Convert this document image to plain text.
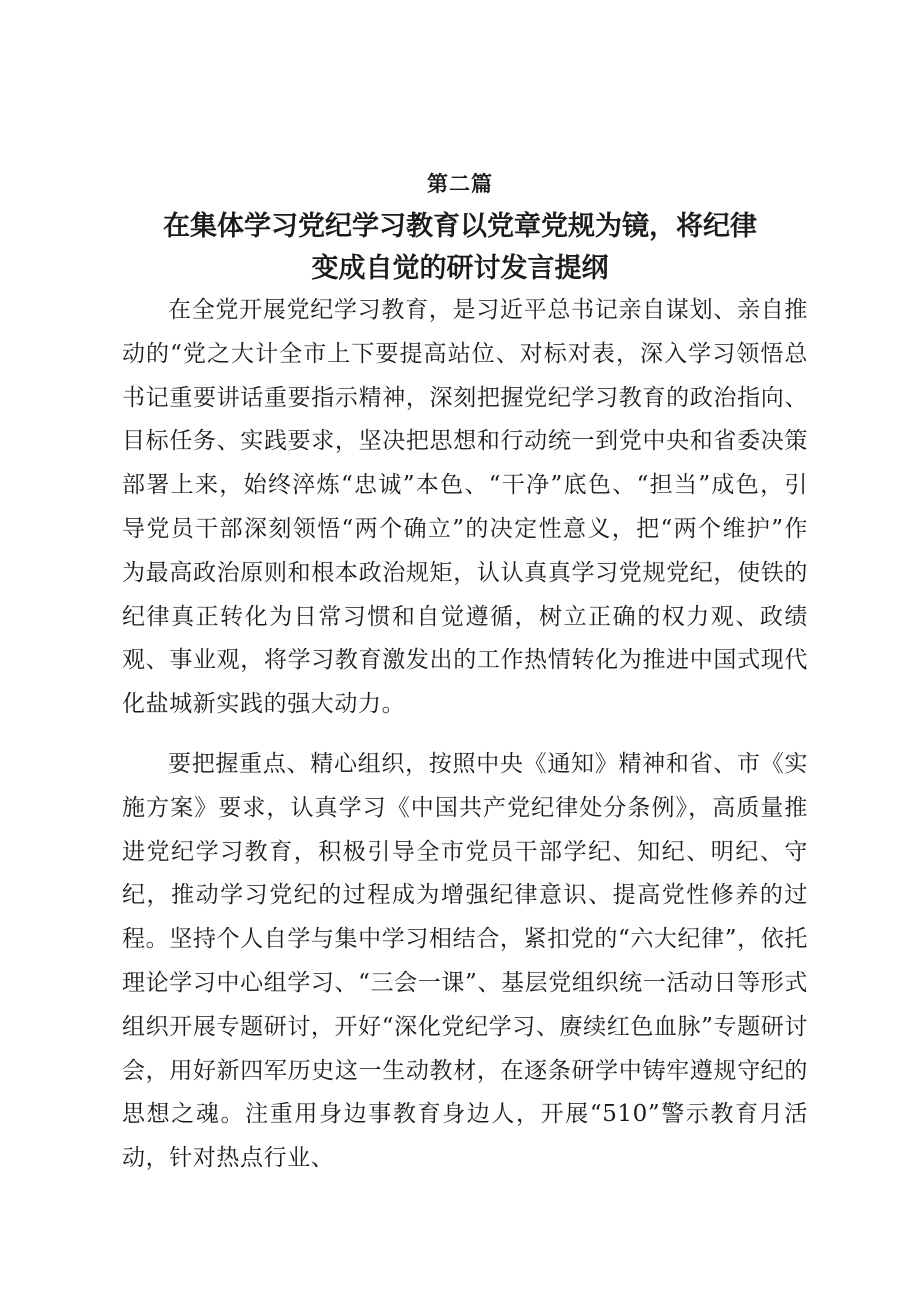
第二篇
在集体学习党纪学习教育以党章党规为镜，将纪律
变成自觉的研讨发言提纲

在全党开展党纪学习教育，是习近平总书记亲自谋划、亲自推动的“党之大计全市上下要提高站位、对标对表，深入学习领悟总书记重要讲话重要指示精神，深刻把握党纪学习教育的政治指向、目标任务、实践要求，坚决把思想和行动统一到党中央和省委决策部署上来，始终淬炼“忠诚”本色、“干净”底色、“担当”成色，引导党员干部深刻领悟“两个确立”的决定性意义，把“两个维护”作为最高政治原则和根本政治规矩，认认真真学习党规党纪，使铁的纪律真正转化为日常习惯和自觉遵循，树立正确的权力观、政绩观、事业观，将学习教育激发出的工作热情转化为推进中国式现代化盐城新实践的强大动力。

要把握重点、精心组织，按照中央《通知》精神和省、市《实施方案》要求，认真学习《中国共产党纪律处分条例》，高质量推进党纪学习教育，积极引导全市党员干部学纪、知纪、明纪、守纪，推动学习党纪的过程成为增强纪律意识、提高党性修养的过程。坚持个人自学与集中学习相结合，紧扣党的“六大纪律”，依托理论学习中心组学习、“三会一课”、基层党组织统一活动日等形式组织开展专题研讨，开好“深化党纪学习、赓续红色血脉”专题研讨会，用好新四军历史这一生动教材，在逐条研学中铸牢遵规守纪的思想之魂。注重用身边事教育身边人，开展“510”警示教育月活动，针对热点行业、
